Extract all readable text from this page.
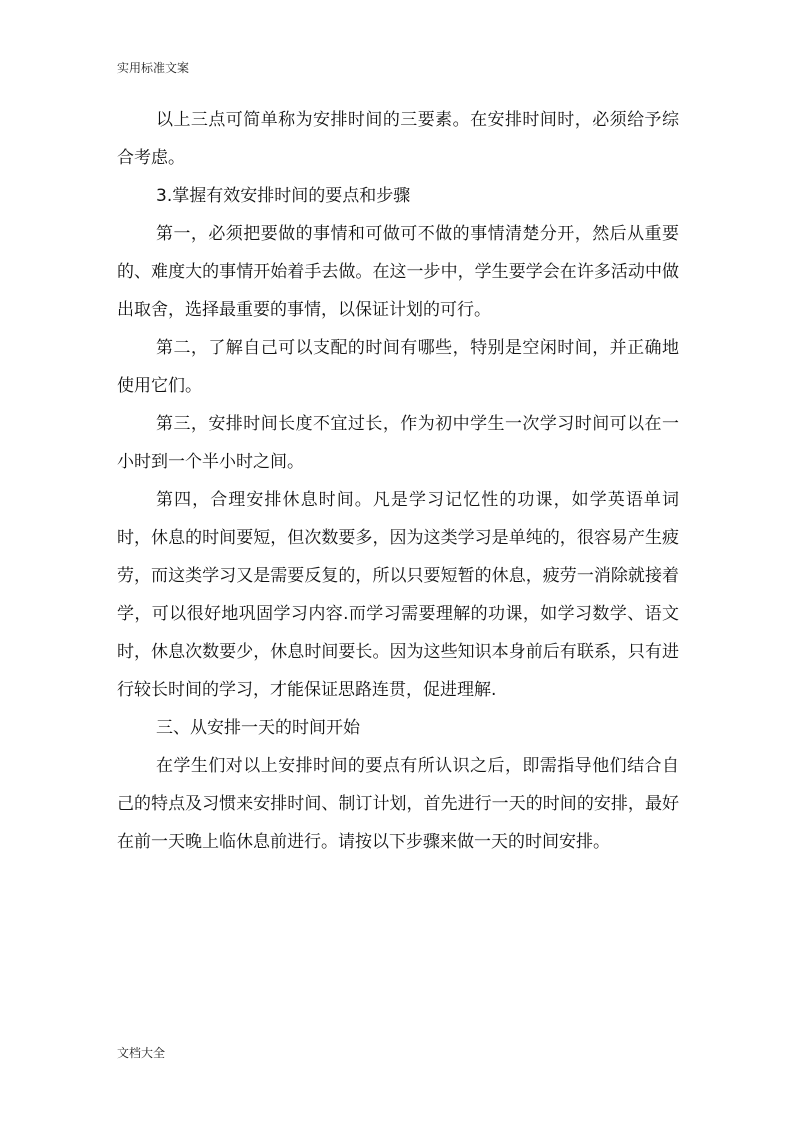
实用标准文案

以上三点可简单称为安排时间的三要素。在安排时间时，必须给予综合考虑。

3.掌握有效安排时间的要点和步骤

第一，必须把要做的事情和可做可不做的事情清楚分开，然后从重要的、难度大的事情开始着手去做。在这一步中，学生要学会在许多活动中做出取舍，选择最重要的事情，以保证计划的可行。

第二，了解自己可以支配的时间有哪些，特别是空闲时间，并正确地使用它们。

第三，安排时间长度不宜过长，作为初中学生一次学习时间可以在一小时到一个半小时之间。

第四，合理安排休息时间。凡是学习记忆性的功课，如学英语单词时，休息的时间要短，但次数要多，因为这类学习是单纯的，很容易产生疲劳，而这类学习又是需要反复的，所以只要短暂的休息，疲劳一消除就接着学，可以很好地巩固学习内容.而学习需要理解的功课，如学习数学、语文时，休息次数要少，休息时间要长。因为这些知识本身前后有联系，只有进行较长时间的学习，才能保证思路连贯，促进理解.

三、从安排一天的时间开始

在学生们对以上安排时间的要点有所认识之后，即需指导他们结合自己的特点及习惯来安排时间、制订计划，首先进行一天的时间的安排，最好在前一天晚上临休息前进行。请按以下步骤来做一天的时间安排。

文档大全
